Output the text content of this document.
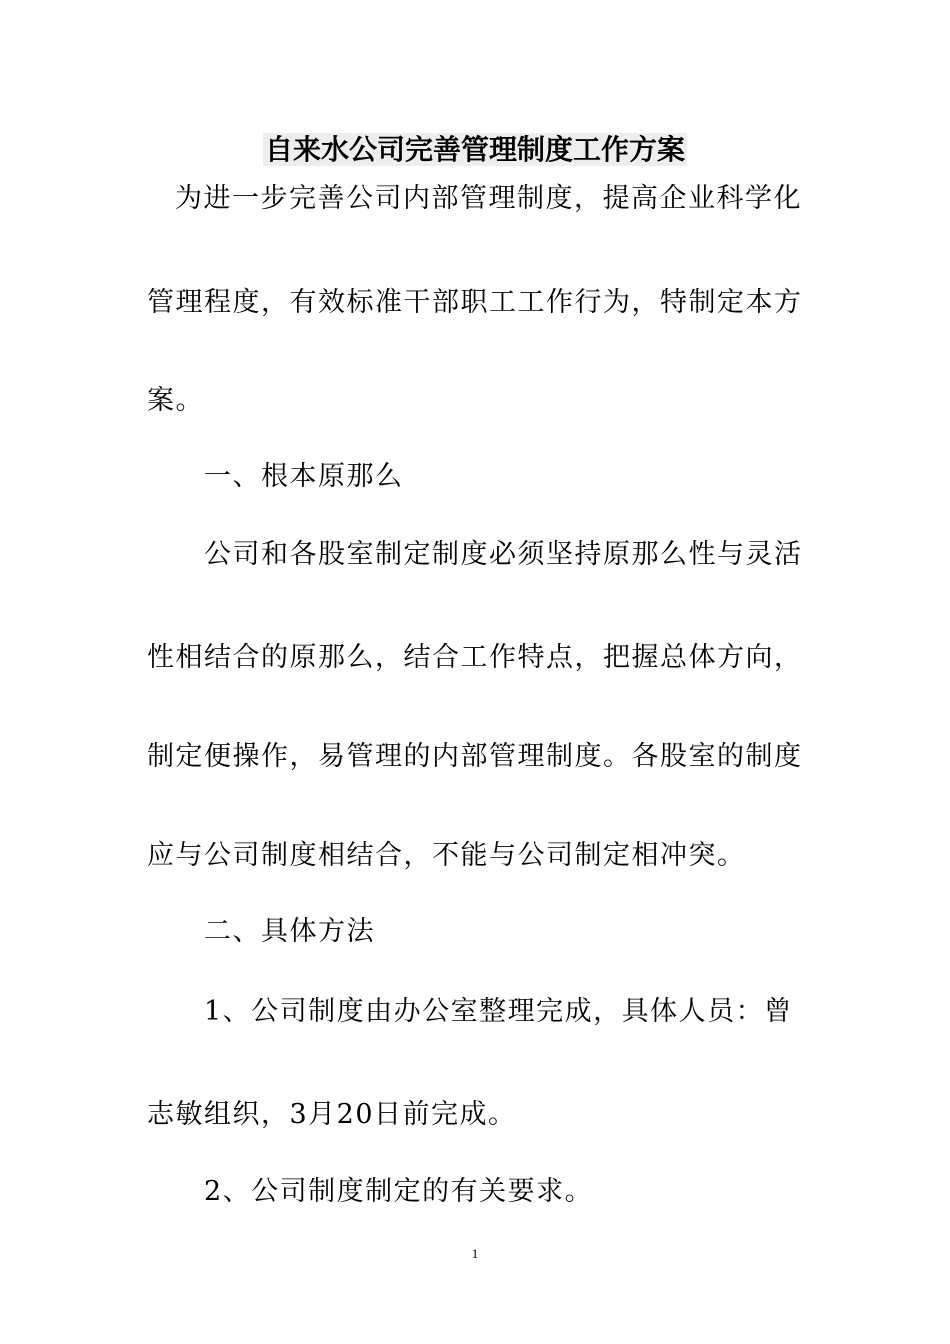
自来水公司完善管理制度工作方案
为进一步完善公司内部管理制度，提高企业科学化
管理程度，有效标准干部职工工作行为，特制定本方
案。
一、根本原那么
公司和各股室制定制度必须坚持原那么性与灵活
性相结合的原那么，结合工作特点，把握总体方向，
制定便操作，易管理的内部管理制度。各股室的制度
应与公司制度相结合，不能与公司制定相冲突。
二、具体方法
1、公司制度由办公室整理完成，具体人员：曾
志敏组织，3月20日前完成。
2、公司制度制定的有关要求。
1
